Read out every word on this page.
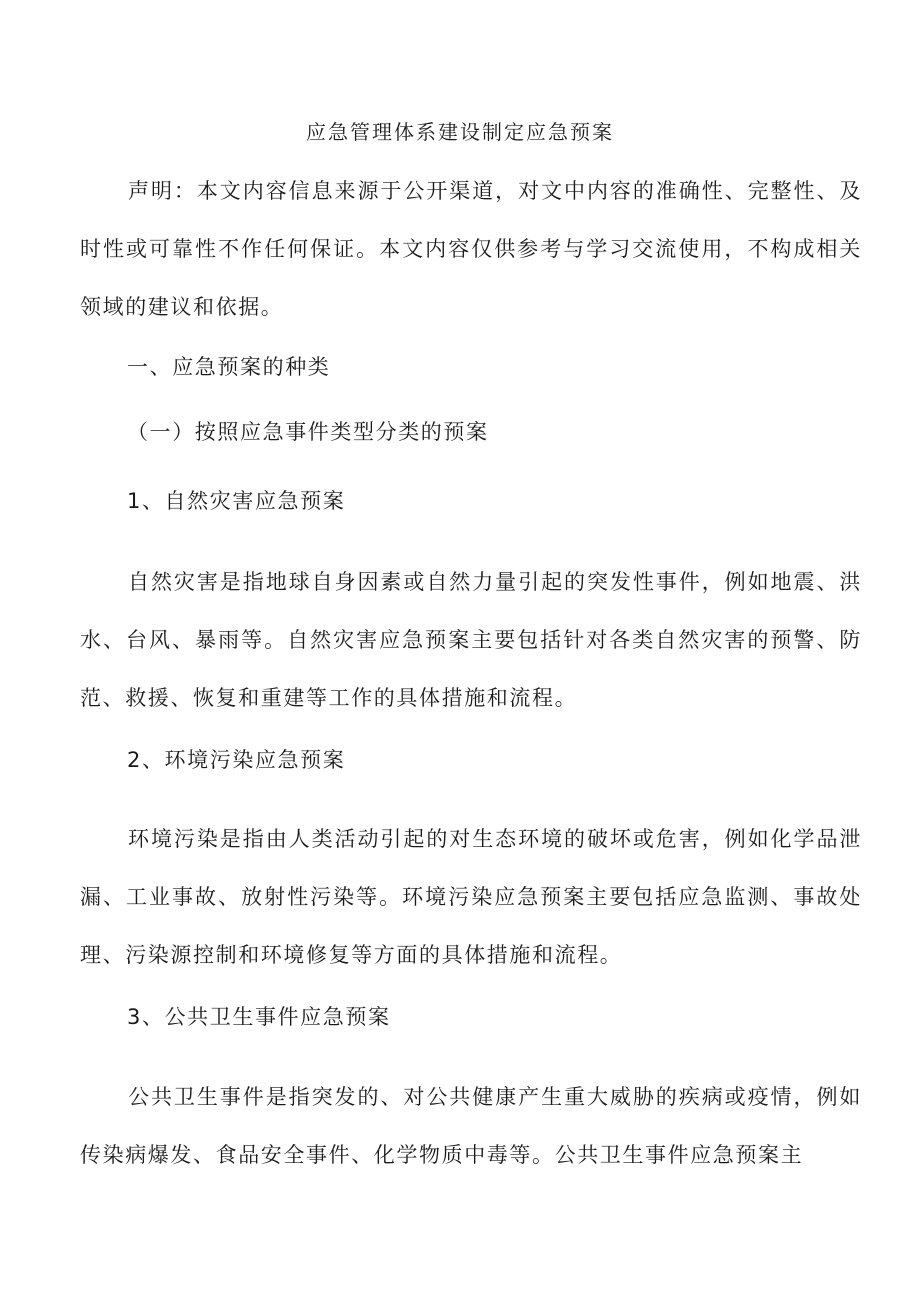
应急管理体系建设制定应急预案

声明：本文内容信息来源于公开渠道，对文中内容的准确性、完整性、及时性或可靠性不作任何保证。本文内容仅供参考与学习交流使用，不构成相关领域的建议和依据。

一、应急预案的种类

（一）按照应急事件类型分类的预案

1、自然灾害应急预案

自然灾害是指地球自身因素或自然力量引起的突发性事件，例如地震、洪水、台风、暴雨等。自然灾害应急预案主要包括针对各类自然灾害的预警、防范、救援、恢复和重建等工作的具体措施和流程。

2、环境污染应急预案

环境污染是指由人类活动引起的对生态环境的破坏或危害，例如化学品泄漏、工业事故、放射性污染等。环境污染应急预案主要包括应急监测、事故处理、污染源控制和环境修复等方面的具体措施和流程。

3、公共卫生事件应急预案

公共卫生事件是指突发的、对公共健康产生重大威胁的疾病或疫情，例如传染病爆发、食品安全事件、化学物质中毒等。公共卫生事件应急预案主
